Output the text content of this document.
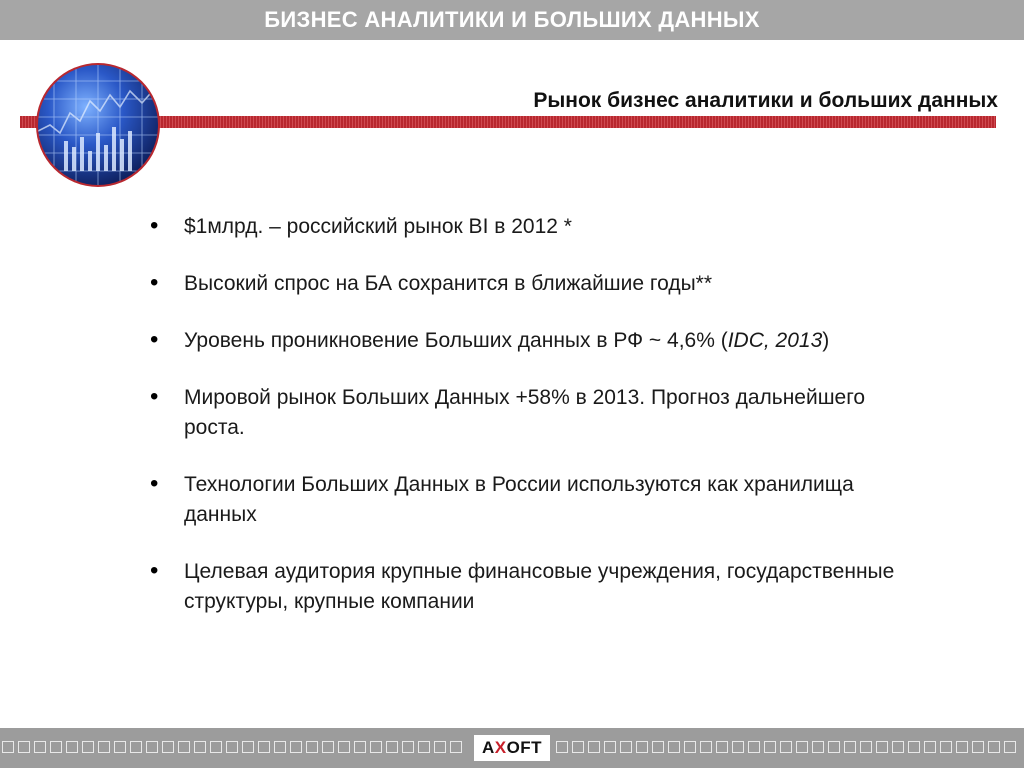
БИЗНЕС АНАЛИТИКИ И БОЛЬШИХ ДАННЫХ
Рынок бизнес аналитики и больших данных
• $1млрд. – российский рынок BI в 2012 *
• Высокий спрос на БА сохранится в ближайшие годы**
• Уровень проникновение Больших данных в РФ ~ 4,6% (IDC, 2013)
• Мировой рынок Больших Данных +58% в 2013. Прогноз дальнейшего роста.
• Технологии Больших Данных в России используются как хранилища данных
• Целевая аудитория крупные финансовые учреждения, государственные структуры, крупные компании
АХOFT
